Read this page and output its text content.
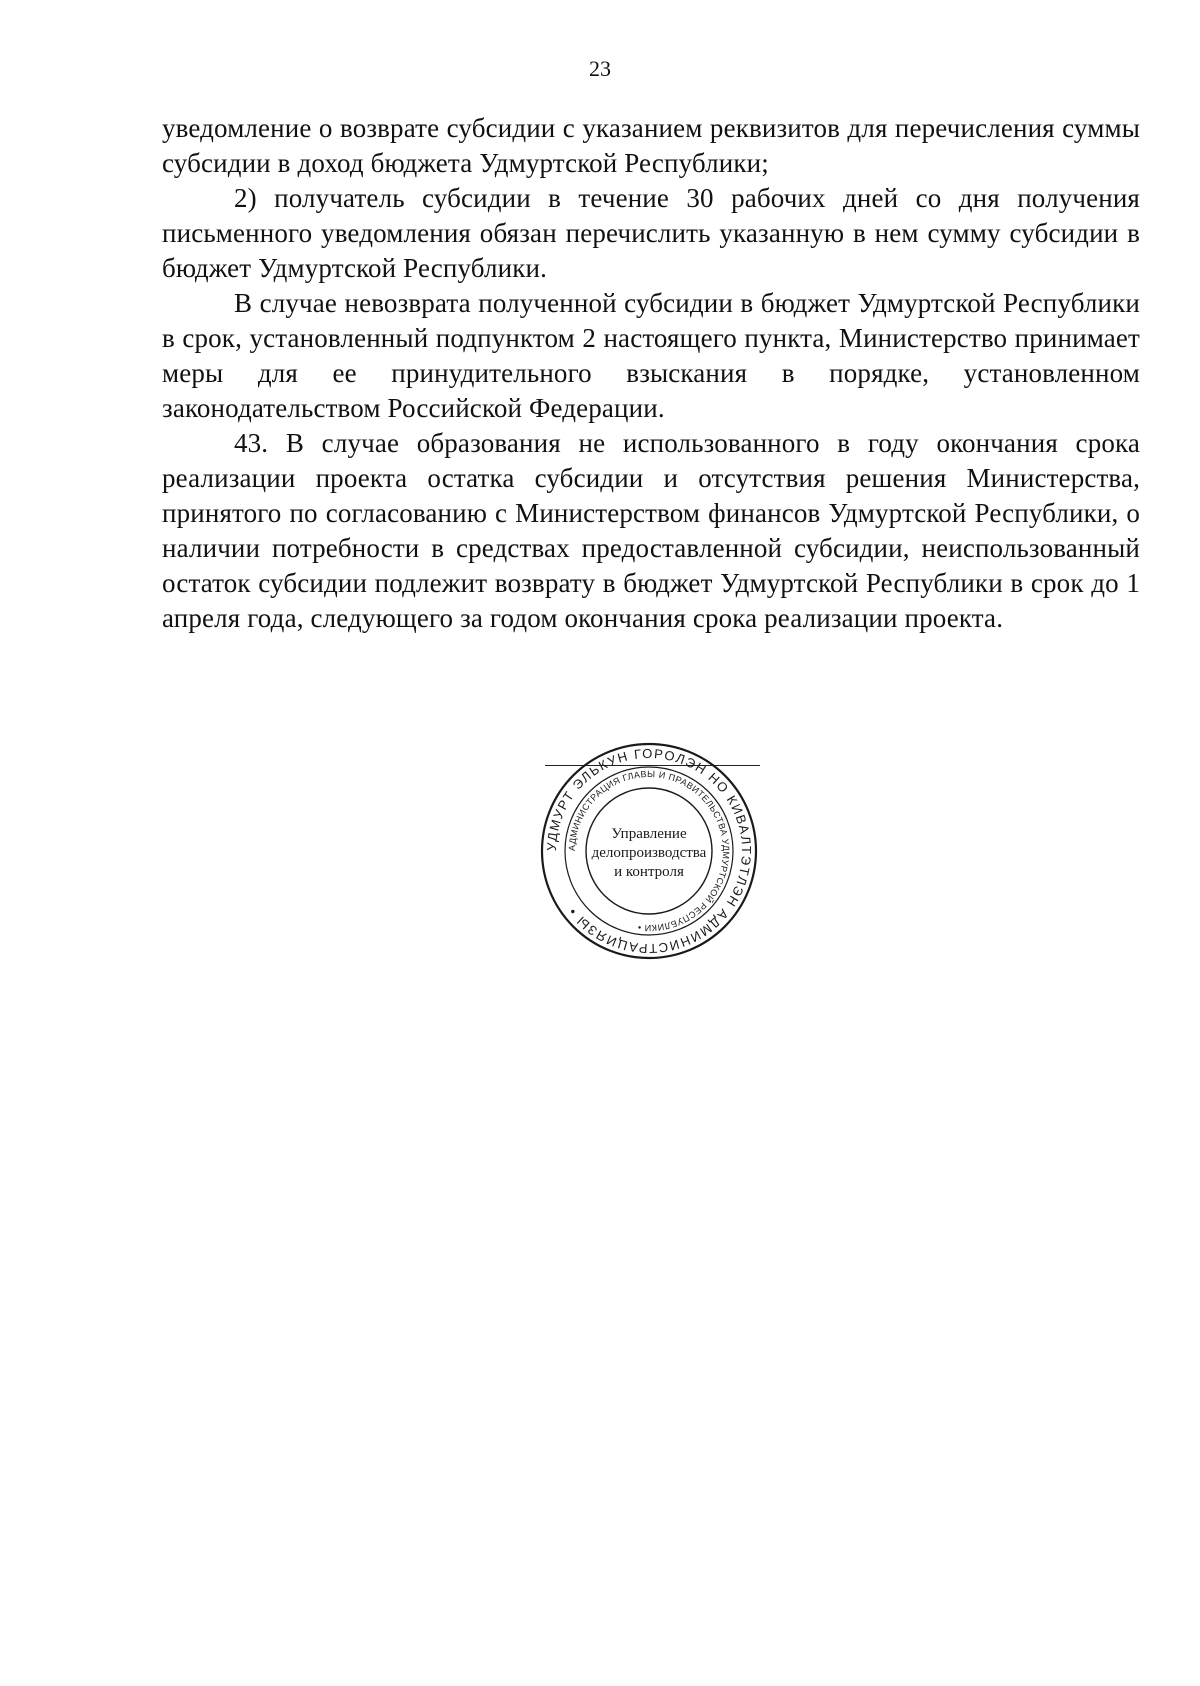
23

уведомление о возврате субсидии с указанием реквизитов для перечисления суммы субсидии в доход бюджета Удмуртской Республики;

2) получатель субсидии в течение 30 рабочих дней со дня получения письменного уведомления обязан перечислить указанную в нем сумму субсидии в бюджет Удмуртской Республики.

В случае невозврата полученной субсидии в бюджет Удмуртской Республики в срок, установленный подпунктом 2 настоящего пункта, Министерство принимает меры для ее принудительного взыскания в порядке, установленном законодательством Российской Федерации.

43. В случае образования не использованного в году окончания срока реализации проекта остатка субсидии и отсутствия решения Министерства, принятого по согласованию с Министерством финансов Удмуртской Республики, о наличии потребности в средствах предоставленной субсидии, неиспользованный остаток субсидии подлежит возврату в бюджет Удмуртской Республики в срок до 1 апреля года, следующего за годом окончания срока реализации проекта.

УДМУРТ ЭЛЬКУН ГОРОЛЭН НО КИВАЛТЭТЛЭН АДМИНИСТРАЦИЯЗЫ •
АДМИНИСТРАЦИЯ ГЛАВЫ И ПРАВИТЕЛЬСТВА УДМУРТСКОЙ РЕСПУБЛИКИ •
Управление
делопроизводства
и контроля
